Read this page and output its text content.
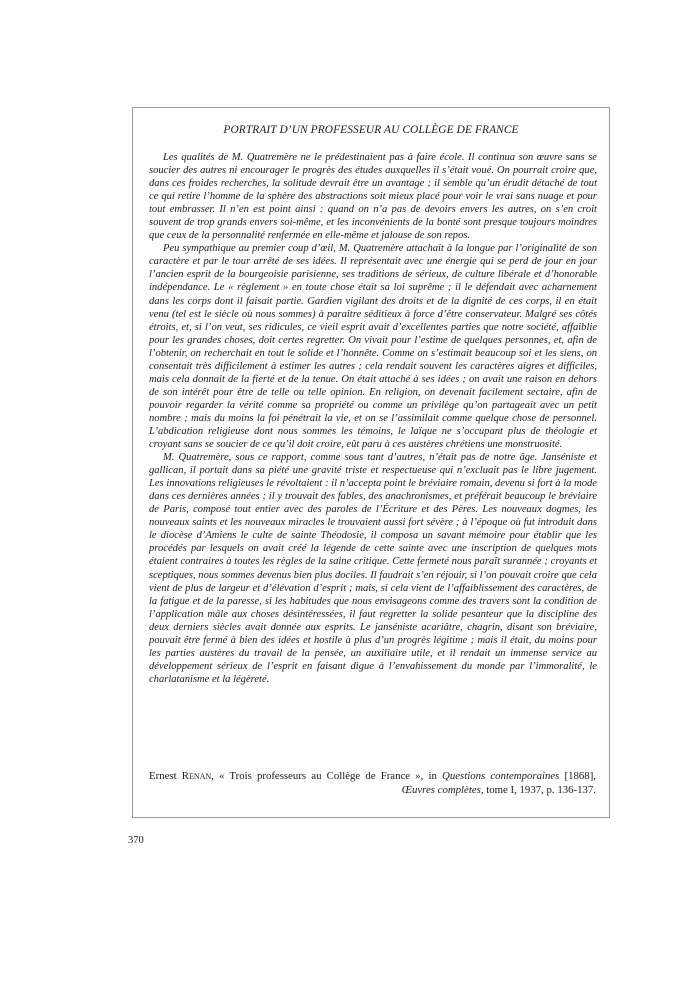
PORTRAIT D’UN PROFESSEUR AU COLLÈGE DE FRANCE

Les qualités de M. Quatremère ne le prédestinaient pas à faire école. Il continua son œuvre sans se soucier des autres ni encourager le progrès des études auxquelles il s’était voué. On pourrait croire que, dans ces froides recherches, la solitude devrait être un avantage ; il semble qu’un érudit détaché de tout ce qui retire l’homme de la sphère des abstractions soit mieux placé pour voir le vrai sans nuage et pour tout embrasser. Il n’en est point ainsi : quand on n’a pas de devoirs envers les autres, on s’en croit souvent de trop grands envers soi-même, et les inconvénients de la bonté sont presque toujours moindres que ceux de la personnalité renfermée en elle-même et jalouse de son repos.

Peu sympathique au premier coup d’œil, M. Quatremère attachait à la longue par l’originalité de son caractère et par le tour arrêté de ses idées. Il représentait avec une énergie qui se perd de jour en jour l’ancien esprit de la bourgeoisie parisienne, ses traditions de sérieux, de culture libérale et d’honorable indépendance. Le « règlement » en toute chose était sa loi suprême ; il le défendait avec acharnement dans les corps dont il faisait partie. Gardien vigilant des droits et de la dignité de ces corps, il en était venu (tel est le siècle où nous sommes) à paraître séditieux à force d’être conservateur. Malgré ses côtés étroits, et, si l’on veut, ses ridicules, ce vieil esprit avait d’excellentes parties que notre société, affaiblie pour les grandes choses, doit certes regretter. On vivait pour l’estime de quelques personnes, et, afin de l’obtenir, on recherchait en tout le solide et l’honnête. Comme on s’estimait beaucoup soi et les siens, on consentait très difficilement à estimer les autres ; cela rendait souvent les caractères aigres et difficiles, mais cela donnait de la fierté et de la tenue. On était attaché à ses idées ; on avait une raison en dehors de son intérêt pour être de telle ou telle opinion. En religion, on devenait facilement sectaire, afin de pouvoir regarder la vérité comme sa propriété ou comme un privilège qu’on partageait avec un petit nombre ; mais du moins la foi pénétrait la vie, et on se l’assimilait comme quelque chose de personnel. L’abdication religieuse dont nous sommes les témoins, le laïque ne s’occupant plus de théologie et croyant sans se soucier de ce qu’il doit croire, eût paru à ces austères chrétiens une monstruosité.

M. Quatremère, sous ce rapport, comme sous tant d’autres, n’était pas de notre âge. Janséniste et gallican, il portait dans sa piété une gravité triste et respectueuse qui n’excluait pas le libre jugement. Les innovations religieuses le révoltaient : il n’accepta point le bréviaire romain, devenu si fort à la mode dans ces dernières années ; il y trouvait des fables, des anachronismes, et préférait beaucoup le bréviaire de Paris, composé tout entier avec des paroles de l’Écriture et des Pères. Les nouveaux dogmes, les nouveaux saints et les nouveaux miracles le trouvaient aussi fort sévère ; à l’époque où fut introduit dans le diocèse d’Amiens le culte de sainte Théodosie, il composa un savant mémoire pour établir que les procédés par lesquels on avait créé la légende de cette sainte avec une inscription de quelques mots étaient contraires à toutes les règles de la saine critique. Cette fermeté nous paraît surannée ; croyants et sceptiques, nous sommes devenus bien plus dociles. Il faudrait s’en réjouir, si l’on pouvait croire que cela vient de plus de largeur et d’élévation d’esprit ; mais, si cela vient de l’affaiblissement des caractères, de la fatigue et de la paresse, si les habitudes que nous envisageons comme des travers sont la condition de l’application mâle aux choses désintéressées, il faut regretter la solide pesanteur que la discipline des deux derniers siècles avait donnée aux esprits. Le janséniste acariâtre, chagrin, disant son bréviaire, pouvait être fermé à bien des idées et hostile à plus d’un progrès légitime ; mais il était, du moins pour les parties austères du travail de la pensée, un auxiliaire utile, et il rendait un immense service au développement sérieux de l’esprit en faisant digue à l’envahissement du monde par l’immoralité, le charlatanisme et la légèreté.

Ernest Renan, « Trois professeurs au Collège de France », in Questions contemporaines [1868], Œuvres complètes, tome I, 1937, p. 136-137.
370
